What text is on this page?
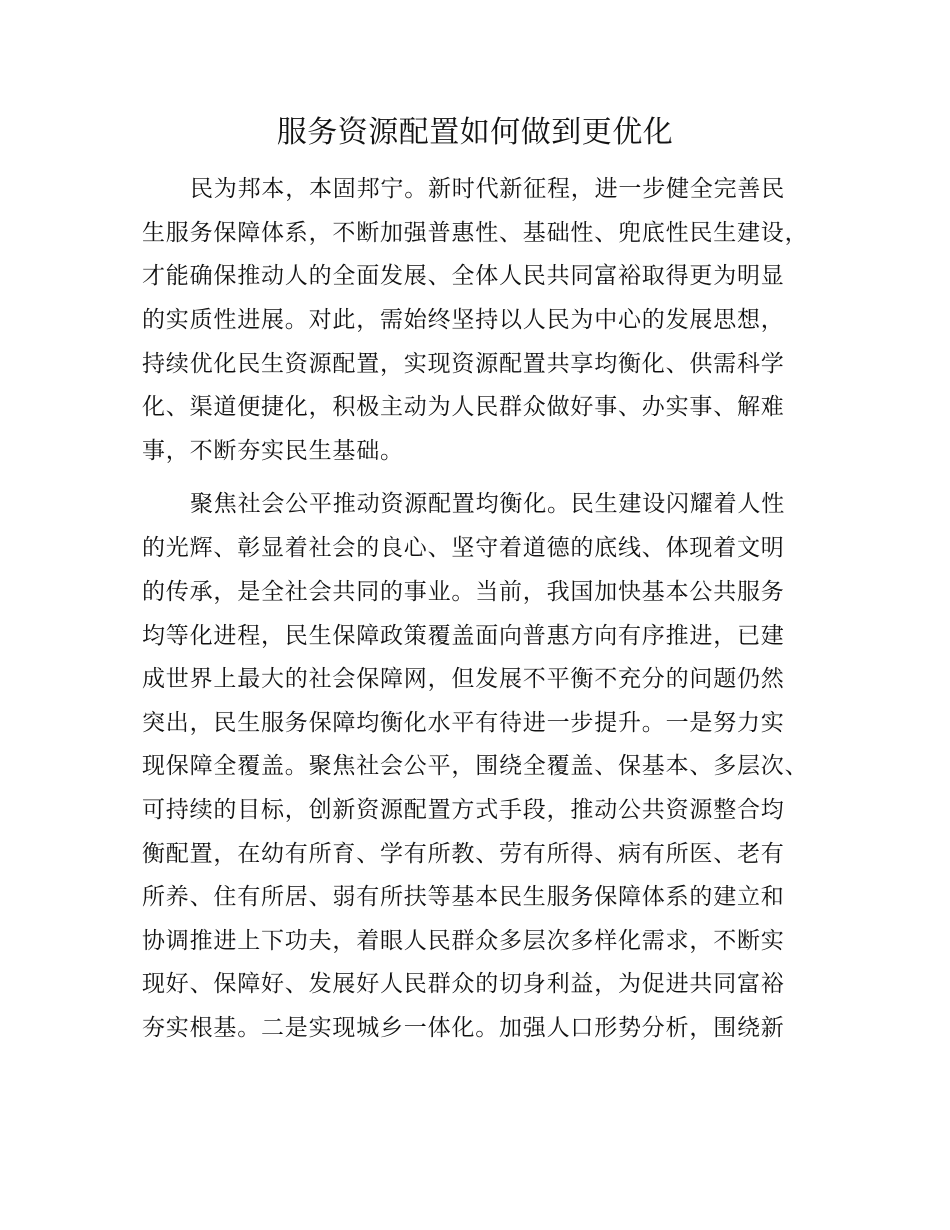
服务资源配置如何做到更优化
民为邦本，本固邦宁。新时代新征程，进一步健全完善民
生服务保障体系，不断加强普惠性、基础性、兜底性民生建设，
才能确保推动人的全面发展、全体人民共同富裕取得更为明显
的实质性进展。对此，需始终坚持以人民为中心的发展思想，
持续优化民生资源配置，实现资源配置共享均衡化、供需科学
化、渠道便捷化，积极主动为人民群众做好事、办实事、解难
事，不断夯实民生基础。
聚焦社会公平推动资源配置均衡化。民生建设闪耀着人性
的光辉、彰显着社会的良心、坚守着道德的底线、体现着文明
的传承，是全社会共同的事业。当前，我国加快基本公共服务
均等化进程，民生保障政策覆盖面向普惠方向有序推进，已建
成世界上最大的社会保障网，但发展不平衡不充分的问题仍然
突出，民生服务保障均衡化水平有待进一步提升。一是努力实
现保障全覆盖。聚焦社会公平，围绕全覆盖、保基本、多层次、
可持续的目标，创新资源配置方式手段，推动公共资源整合均
衡配置，在幼有所育、学有所教、劳有所得、病有所医、老有
所养、住有所居、弱有所扶等基本民生服务保障体系的建立和
协调推进上下功夫，着眼人民群众多层次多样化需求，不断实
现好、保障好、发展好人民群众的切身利益，为促进共同富裕
夯实根基。二是实现城乡一体化。加强人口形势分析，围绕新
